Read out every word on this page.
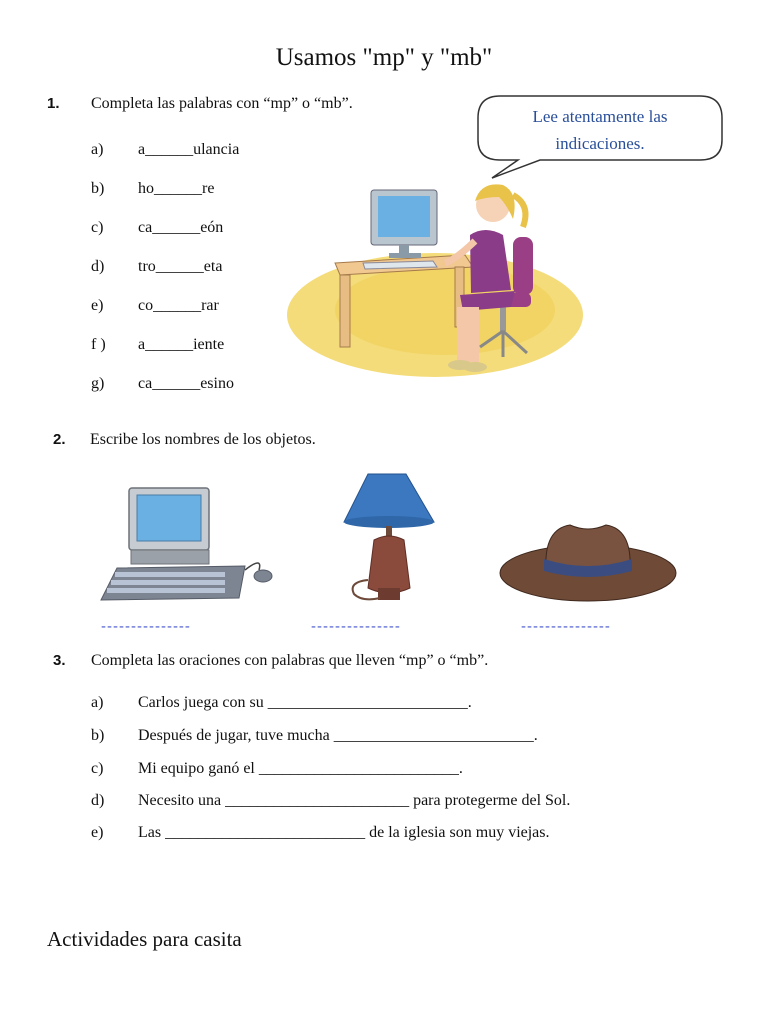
Usamos "mp" y "mb"
Lee atentamente las
indicaciones.
1. Completa las palabras con “mp” o “mb”.
a) a______ulancia
b) ho______re
c) ca______eón
d) tro______eta
e) co______rar
f ) a______iente
g) ca______esino
2. Escribe los nombres de los objetos.
---------------	---------------	---------------
3. Completa las oraciones con palabras que lleven “mp” o “mb”.
a) Carlos juega con su _________________________.
b) Después de jugar, tuve mucha _________________________.
c) Mi equipo ganó el _________________________.
d) Necesito una _______________________ para protegerme del Sol.
e) Las _________________________ de la iglesia son muy viejas.
Actividades para casita
